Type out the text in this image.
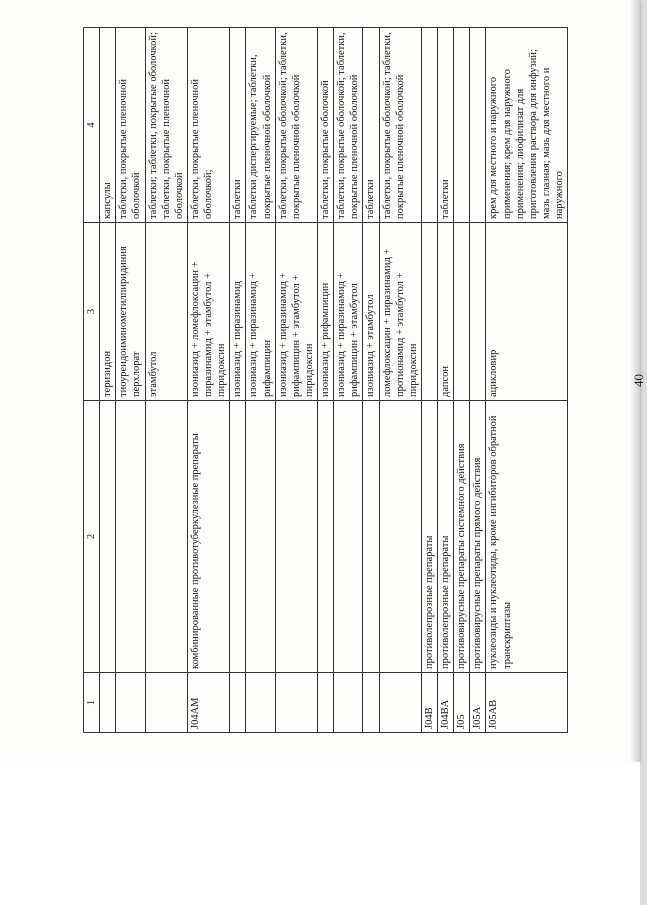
1	2	3	4
		теризидон	капсулы
		тиоуреидоиминометилпиридиния перхлорат	таблетки, покрытые пленочной оболочкой
		этамбутол	таблетки; таблетки, покрытые оболочкой; таблетки, покрытые пленочной оболочкой
J04AM	комбинированные противотуберкулезные препараты	изониазид + ломефлоксацин + пиразинамид + этамбутол + пиридоксин	таблетки, покрытые пленочной оболочкой;
		изониазид + пиразинамид	таблетки
		изониазид + пиразинамид + рифампицин	таблетки диспергируемые; таблетки, покрытые пленочной оболочкой
		изониазид + пиразинамид + рифампицин + этамбутол + пиридоксин	таблетки, покрытые оболочкой; таблетки, покрытые пленочной оболочкой
		изониазид + рифампицин	таблетки, покрытые оболочкой
		изониазид + пиразинамид + рифампицин + этамбутол	таблетки, покрытые оболочкой; таблетки, покрытые пленочной оболочкой
		изониазид + этамбутол	таблетки
		ломефлоксацин + пиразинамид + протионамид + этамбутол + пиридоксин	таблетки, покрытые оболочкой; таблетки, покрытые пленочной оболочкой
J04B	противолепрозные препараты		
J04BA	противолепрозные препараты	дапсон	таблетки
J05	противовирусные препараты системного действия		
J05A	противовирусные препараты прямого действия		
J05AB	нуклеозиды и нуклеотиды, кроме ингибиторов обратной транскриптазы	ацикловир	крем для местного и наружного применения; крем для наружного применения; лиофилизат для приготовления раствора для инфузий; мазь глазная; мазь для местного и наружного
40
